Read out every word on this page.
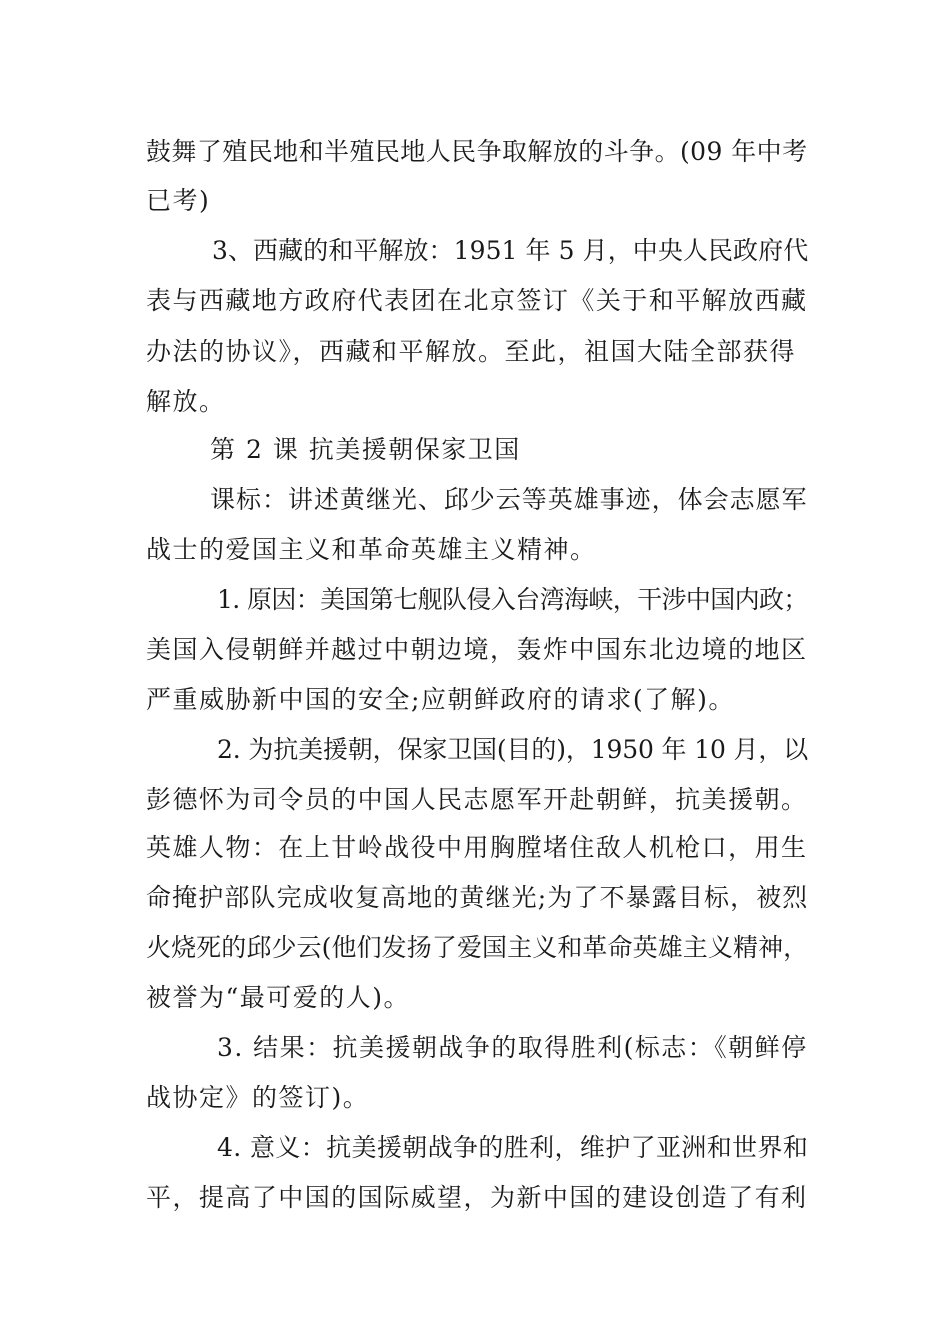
鼓舞了殖民地和半殖民地人民争取解放的斗争。(09 年中考
已考)
3、西藏的和平解放：1951 年 5 月，中央人民政府代
表与西藏地方政府代表团在北京签订《关于和平解放西藏
办法的协议》，西藏和平解放。至此，祖国大陆全部获得
解放。
第 2 课 抗美援朝保家卫国
课标：讲述黄继光、邱少云等英雄事迹，体会志愿军
战士的爱国主义和革命英雄主义精神。
1. 原因：美国第七舰队侵入台湾海峡，干涉中国内政；
美国入侵朝鲜并越过中朝边境，轰炸中国东北边境的地区
严重威胁新中国的安全;应朝鲜政府的请求(了解)。
2. 为抗美援朝，保家卫国(目的)，1950 年 10 月，以
彭德怀为司令员的中国人民志愿军开赴朝鲜，抗美援朝。
英雄人物：在上甘岭战役中用胸膛堵住敌人机枪口，用生
命掩护部队完成收复高地的黄继光;为了不暴露目标，被烈
火烧死的邱少云(他们发扬了爱国主义和革命英雄主义精神，
被誉为“最可爱的人)。
3. 结果：抗美援朝战争的取得胜利(标志：《朝鲜停
战协定》的签订)。
4. 意义：抗美援朝战争的胜利，维护了亚洲和世界和
平，提高了中国的国际威望，为新中国的建设创造了有利
